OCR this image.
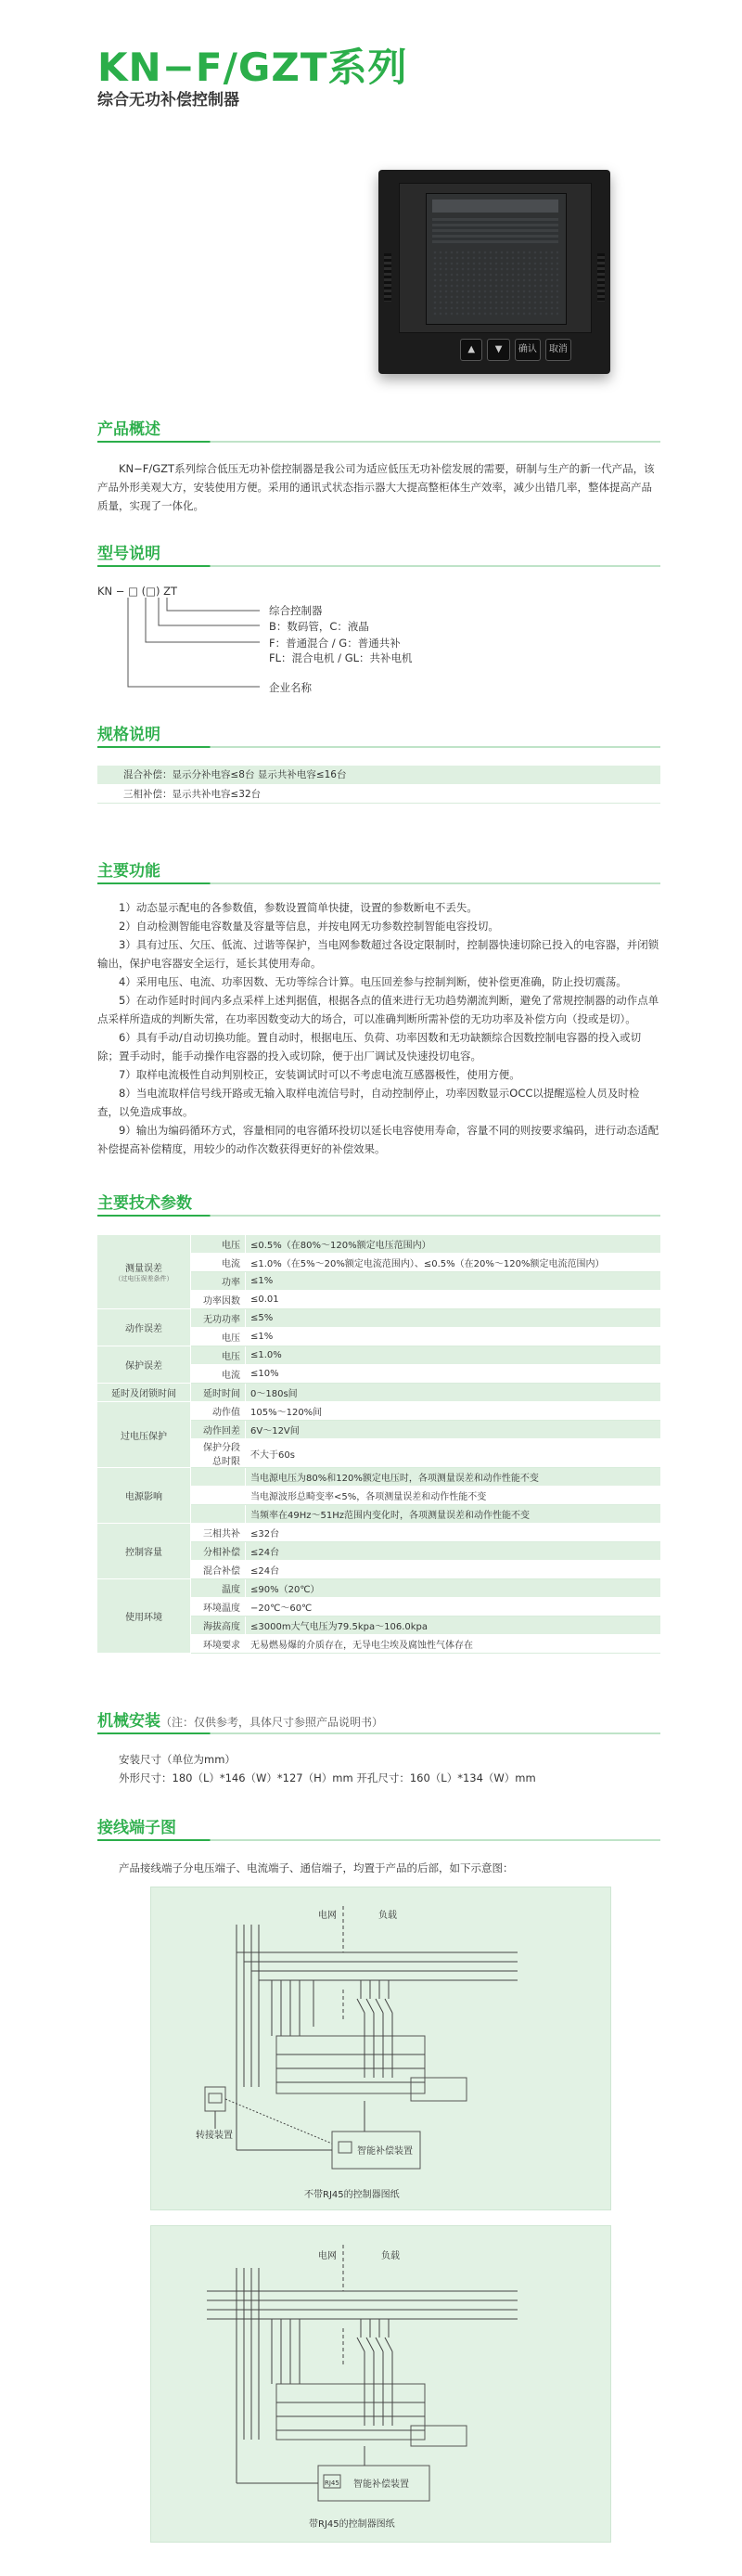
KN−F/GZT系列
综合无功补偿控制器
▲	▼	确认	取消
产品概述

KN−F/GZT系列综合低压无功补偿控制器是我公司为适应低压无功补偿发展的需要，研制与生产的新一代产品，该产品外形美观大方，安装使用方便。采用的通讯式状态指示器大大提高整柜体生产效率，减少出错几率，整体提高产品质量，实现了一体化。

型号说明
KN − □ (□) ZT
综合控制器
B：数码管，C：液晶
F：普通混合 / G：普通共补
FL：混合电机 / GL：共补电机
企业名称
规格说明
混合补偿：显示分补电容≤8台 显示共补电容≤16台
三相补偿：显示共补电容≤32台
主要功能

1）动态显示配电的各参数值，参数设置简单快捷，设置的参数断电不丢失。

2）自动检测智能电容数量及容量等信息，并按电网无功参数控制智能电容投切。

3）具有过压、欠压、低流、过谐等保护，当电网参数超过各设定限制时，控制器快速切除已投入的电容器，并闭锁输出，保护电容器安全运行，延长其使用寿命。

4）采用电压、电流、功率因数、无功等综合计算。电压回差参与控制判断，使补偿更准确，防止投切震荡。

5）在动作延时时间内多点采样上述判据值，根据各点的值来进行无功趋势潮流判断，避免了常规控制器的动作点单点采样所造成的判断失常，在功率因数变动大的场合，可以准确判断所需补偿的无功功率及补偿方向（投或是切）。

6）具有手动/自动切换功能。置自动时，根据电压、负荷、功率因数和无功缺额综合因数控制电容器的投入或切除；置手动时，能手动操作电容器的投入或切除，便于出厂调试及快速投切电容。

7）取样电流极性自动判别校正，安装调试时可以不考虑电流互感器极性，使用方便。

8）当电流取样信号线开路或无输入取样电流信号时，自动控制停止，功率因数显示OCC以提醒巡检人员及时检查，以免造成事故。

9）输出为编码循环方式，容量相同的电容循环投切以延长电容使用寿命，容量不同的则按要求编码，进行动态适配补偿提高补偿精度，用较少的动作次数获得更好的补偿效果。

主要技术参数
测量误差
（过电压误差条件）	电压	≤0.5%（在80%～120%额定电压范围内）
	电流	≤1.0%（在5%～20%额定电流范围内）、≤0.5%（在20%～120%额定电流范围内）
	功率	≤1%
	功率因数	≤0.01
动作误差	无功功率	≤5%
	电压	≤1%
保护误差	电压	≤1.0%
	电流	≤10%
延时及闭锁时间	延时时间	0～180s间
过电压保护	动作值	105%～120%间
	动作回差	6V～12V间
	保护分段总时限	不大于60s
电源影响		当电源电压为80%和120%额定电压时，各项测量误差和动作性能不变
		当电源波形总畸变率<5%，各项测量误差和动作性能不变
		当频率在49Hz～51Hz范围内变化时，各项测量误差和动作性能不变
控制容量	三相共补	≤32台
	分相补偿	≤24台
	混合补偿	≤24台
使用环境	温度	≤90%（20℃）
	环境温度	−20℃～60℃
	海拔高度	≤3000m大气电压为79.5kpa～106.0kpa
	环境要求	无易燃易爆的介质存在，无导电尘埃及腐蚀性气体存在
机械安装（注：仅供参考，具体尺寸参照产品说明书）

安装尺寸（单位为mm）

外形尺寸：180（L）*146（W）*127（H）mm 开孔尺寸：160（L）*134（W）mm

接线端子图
产品接线端子分电压端子、电流端子、通信端子，均置于产品的后部，如下示意图：
电网	负载
转接装置
智能补偿装置
不带RJ45的控制器图纸
电网	负载
RJ45 智能补偿装置
带RJ45的控制器图纸
